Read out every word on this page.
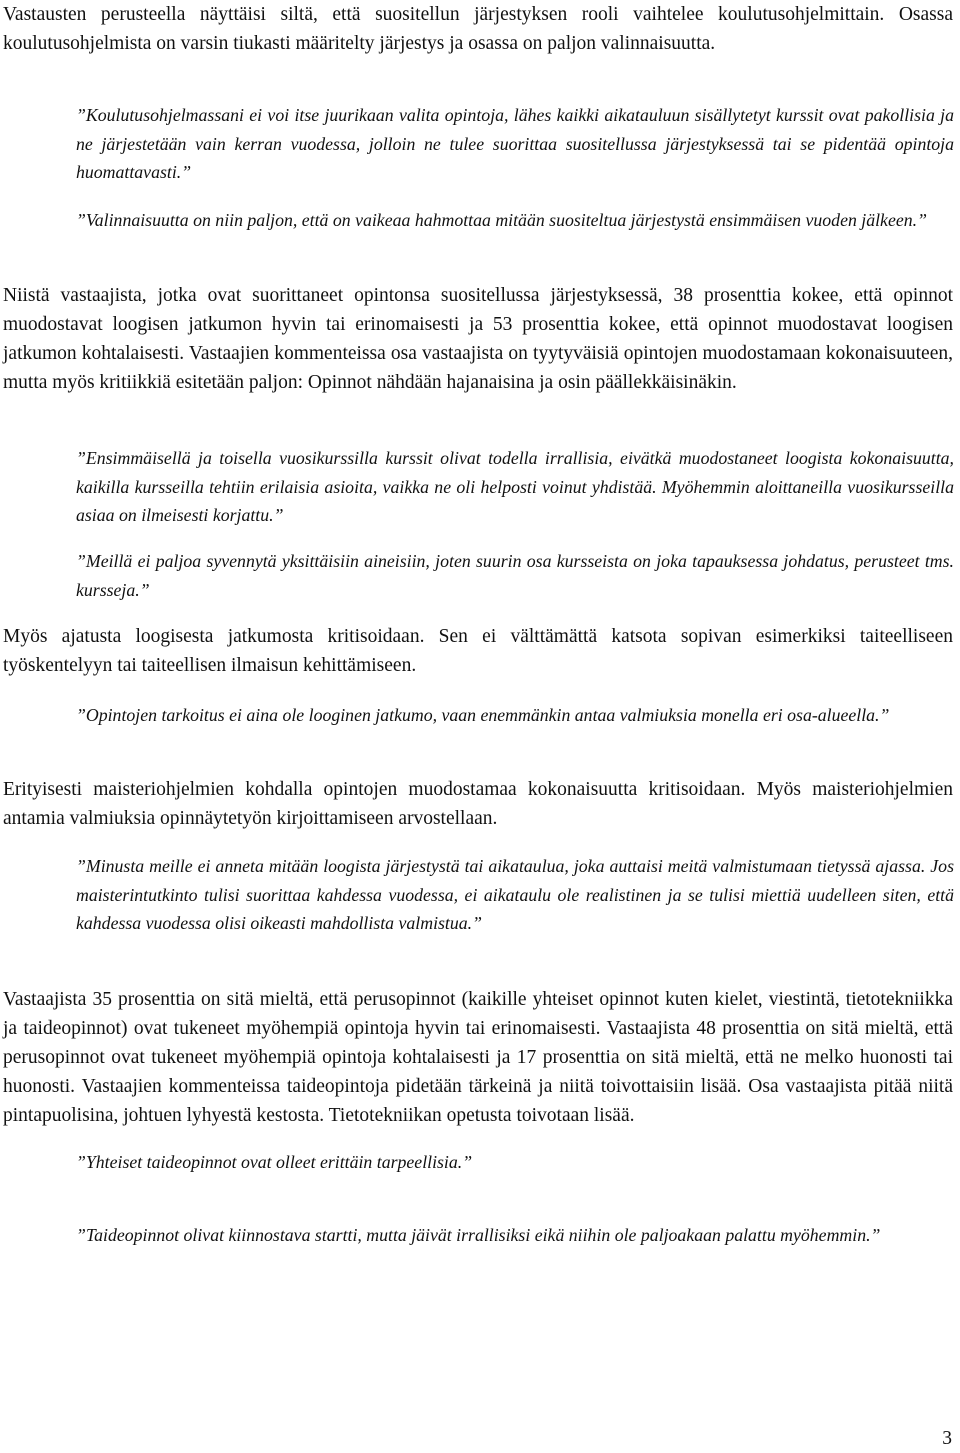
Vastausten perusteella näyttäisi siltä, että suositellun järjestyksen rooli vaihtelee koulutusohjelmittain. Osassa koulutusohjelmista on varsin tiukasti määritelty järjestys ja osassa on paljon valinnaisuutta.

”Koulutusohjelmassani ei voi itse juurikaan valita opintoja, lähes kaikki aikatauluun sisällytetyt kurssit ovat pakollisia ja ne järjestetään vain kerran vuodessa, jolloin ne tulee suorittaa suositellussa järjestyksessä tai se pidentää opintoja huomattavasti.”

”Valinnaisuutta on niin paljon, että on vaikeaa hahmottaa mitään suositeltua järjestystä ensimmäisen vuoden jälkeen.”

Niistä vastaajista, jotka ovat suorittaneet opintonsa suositellussa järjestyksessä, 38 prosenttia kokee, että opinnot muodostavat loogisen jatkumon hyvin tai erinomaisesti ja 53 prosenttia kokee, että opinnot muodostavat loogisen jatkumon kohtalaisesti. Vastaajien kommenteissa osa vastaajista on tyytyväisiä opintojen muodostamaan kokonaisuuteen, mutta myös kritiikkiä esitetään paljon: Opinnot nähdään hajanaisina ja osin päällekkäisinäkin.

”Ensimmäisellä ja toisella vuosikurssilla kurssit olivat todella irrallisia, eivätkä muodostaneet loogista kokonaisuutta, kaikilla kursseilla tehtiin erilaisia asioita, vaikka ne oli helposti voinut yhdistää. Myöhemmin aloittaneilla vuosikursseilla asiaa on ilmeisesti korjattu.”

”Meillä ei paljoa syvennytä yksittäisiin aineisiin, joten suurin osa kursseista on joka tapauksessa johdatus, perusteet tms. kursseja.”

Myös ajatusta loogisesta jatkumosta kritisoidaan. Sen ei välttämättä katsota sopivan esimerkiksi taiteelliseen työskentelyyn tai taiteellisen ilmaisun kehittämiseen.

”Opintojen tarkoitus ei aina ole looginen jatkumo, vaan enemmänkin antaa valmiuksia monella eri osa-alueella.”

Erityisesti maisteriohjelmien kohdalla opintojen muodostamaa kokonaisuutta kritisoidaan. Myös maisteriohjelmien antamia valmiuksia opinnäytetyön kirjoittamiseen arvostellaan.

”Minusta meille ei anneta mitään loogista järjestystä tai aikataulua, joka auttaisi meitä valmistumaan tietyssä ajassa. Jos maisterintutkinto tulisi suorittaa kahdessa vuodessa, ei aikataulu ole realistinen ja se tulisi miettiä uudelleen siten, että kahdessa vuodessa olisi oikeasti mahdollista valmistua.”

Vastaajista 35 prosenttia on sitä mieltä, että perusopinnot (kaikille yhteiset opinnot kuten kielet, viestintä, tietotekniikka ja taideopinnot) ovat tukeneet myöhempiä opintoja hyvin tai erinomaisesti. Vastaajista 48 prosenttia on sitä mieltä, että perusopinnot ovat tukeneet myöhempiä opintoja kohtalaisesti ja 17 prosenttia on sitä mieltä, että ne melko huonosti tai huonosti. Vastaajien kommenteissa taideopintoja pidetään tärkeinä ja niitä toivottaisiin lisää. Osa vastaajista pitää niitä pintapuolisina, johtuen lyhyestä kestosta. Tietotekniikan opetusta toivotaan lisää.

”Yhteiset taideopinnot ovat olleet erittäin tarpeellisia.”

”Taideopinnot olivat kiinnostava startti, mutta jäivät irrallisiksi eikä niihin ole paljoakaan palattu myöhemmin.”

3
